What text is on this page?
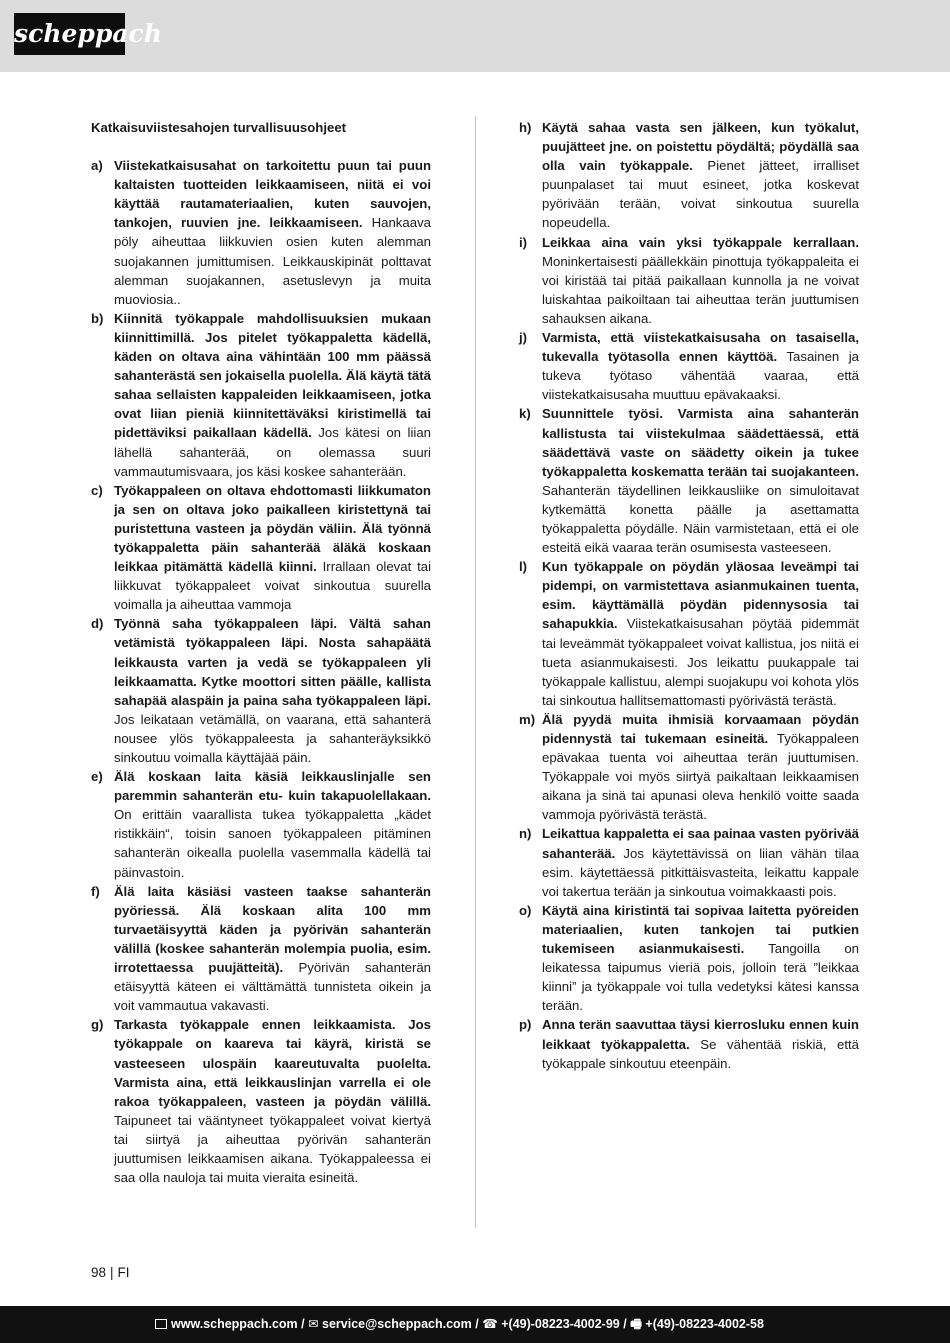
scheppach
Katkaisuviistesahojen turvallisuusohjeet
a) Viistekatkaisusahat on tarkoitettu puun tai puun kaltaisten tuotteiden leikkaamiseen, niitä ei voi käyttää rautamateriaalien, kuten sauvojen, tankojen, ruuvien jne. leikkaamiseen. Hankaava pöly aiheuttaa liikkuvien osien kuten alemman suojakannen jumittumisen. Leikkauskipinät polttavat alemman suojakannen, asetuslevyn ja muita muoviosia..
b) Kiinnitä työkappale mahdollisuuksien mukaan kiinnittimillä. Jos pitelet työkappaletta kädellä, käden on oltava aina vähintään 100 mm päässä sahanterästä sen jokaisella puolella. Älä käytä tätä sahaa sellaisten kappaleiden leikkaamiseen, jotka ovat liian pieniä kiinnitettäväksi kiristimellä tai pidettäviksi paikallaan kädellä. Jos kätesi on liian lähellä sahanterää, on olemassa suuri vammautumisvaara, jos käsi koskee sahanterään.
c) Työkappaleen on oltava ehdottomasti liikkumaton ja sen on oltava joko paikalleen kiristettynä tai puristettuna vasteen ja pöydän väliin. Älä työnnä työkappaletta päin sahanterää äläkä koskaan leikkaa pitämättä kädellä kiinni. Irrallaan olevat tai liikkuvat työkappaleet voivat sinkoutua suurella voimalla ja aiheuttaa vammoja
d) Työnnä saha työkappaleen läpi. Vältä sahan vetämistä työkappaleen läpi. Nosta sahapäätä leikkausta varten ja vedä se työkappaleen yli leikkaamatta. Kytke moottori sitten päälle, kallista sahapää alaspäin ja paina saha työkappaleen läpi. Jos leikataan vetämällä, on vaarana, että sahanterä nousee ylös työkappaleesta ja sahanteräyksikkö sinkoutuu voimalla käyttäjää päin.
e) Älä koskaan laita käsiä leikkauslinjalle sen paremmin sahanterän etu- kuin takapuolellakaan. On erittäin vaarallista tukea työkappaletta „kädet ristikkäin“, toisin sanoen työkappaleen pitäminen sahanterän oikealla puolella vasemmalla kädellä tai päinvastoin.
f)	Älä laita käsiäsi vasteen taakse sahanterän pyöriessä. Älä koskaan alita 100 mm turvaetäisyyttä käden ja pyörivän sahanterän välillä (koskee sahanterän molempia puolia, esim. irrotettaessa puujätteitä). Pyörivän sahanterän etäisyyttä käteen ei välttämättä tunnisteta oikein ja voit vammautua vakavasti.
g) Tarkasta työkappale ennen leikkaamista. Jos työkappale on kaareva tai käyrä, kiristä se vasteeseen ulospäin kaareutuvalta puolelta. Varmista aina, että leikkauslinjan varrella ei ole rakoa työkappaleen, vasteen ja pöydän välillä. Taipuneet tai vääntyneet työkappaleet voivat kiertyä tai siirtyä ja aiheuttaa pyörivän sahanterän juuttumisen leikkaamisen aikana. Työkappaleessa ei saa olla nauloja tai muita vieraita esineitä.
h) Käytä sahaa vasta sen jälkeen, kun työkalut, puujätteet jne. on poistettu pöydältä; pöydällä saa olla vain työkappale. Pienet jätteet, irralliset puunpalaset tai muut esineet, jotka koskevat pyörivään terään, voivat sinkoutua suurella nopeudella.
i)	Leikkaa aina vain yksi työkappale kerrallaan. Moninkertaisesti päällekkäin pinottuja työkappaleita ei voi kiristää tai pitää paikallaan kunnolla ja ne voivat luiskahtaa paikoiltaan tai aiheuttaa terän juuttumisen sahauksen aikana.
j)	Varmista, että viistekatkaisusaha on tasaisella, tukevalla työtasolla ennen käyttöä. Tasainen ja tukeva työtaso vähentää vaaraa, että viistekatkaisusaha muuttuu epävakaaksi.
k) Suunnittele työsi. Varmista aina sahanterän kallistusta tai viistekulmaa säädettäessä, että säädettävä vaste on säädetty oikein ja tukee työkappaletta koskematta terään tai suojakanteen. Sahanterän täydellinen leikkausliike on simuloitavat kytkemättä konetta päälle ja asettamatta työkappaletta pöydälle. Näin varmistetaan, että ei ole esteitä eikä vaaraa terän osumisesta vasteeseen.
l)	Kun työkappale on pöydän yläosaa leveämpi tai pidempi, on varmistettava asianmukainen tuenta, esim. käyttämällä pöydän pidennysosia tai sahapukkia. Viistekatkaisusahan pöytää pidemmät tai leveämmät työkappaleet voivat kallistua, jos niitä ei tueta asianmukaisesti. Jos leikattu puukappale tai työkappale kallistuu, alempi suojakupu voi kohota ylös tai sinkoutua hallitsemattomasti pyörivästä terästä.
m) Älä pyydä muita ihmisiä korvaamaan pöydän pidennystä tai tukemaan esineitä. Työkappaleen epävakaa tuenta voi aiheuttaa terän juuttumisen. Työkappale voi myös siirtyä paikaltaan leikkaamisen aikana ja sinä tai apunasi oleva henkilö voitte saada vammoja pyörivästä terästä.
n) Leikattua kappaletta ei saa painaa vasten pyörivää sahanterää. Jos käytettävissä on liian vähän tilaa esim. käytettäessä pitkittäisvasteita, leikattu kappale voi takertua terään ja sinkoutua voimakkaasti pois.
o) Käytä aina kiristintä tai sopivaa laitetta pyöreiden materiaalien, kuten tankojen tai putkien tukemiseen asianmukaisesti. Tangoilla on leikatessa taipumus vieriä pois, jolloin terä ”leikkaa kiinni” ja työkappale voi tulla vedetyksi kätesi kanssa terään.
p) Anna terän saavuttaa täysi kierrosluku ennen kuin leikkaat työkappaletta. Se vähentää riskiä, että työkappale sinkoutuu eteenpäin.
98 | FI
www.scheppach.com / ✉ service@scheppach.com / ☎ +(49)-08223-4002-99 / 🖷 +(49)-08223-4002-58
